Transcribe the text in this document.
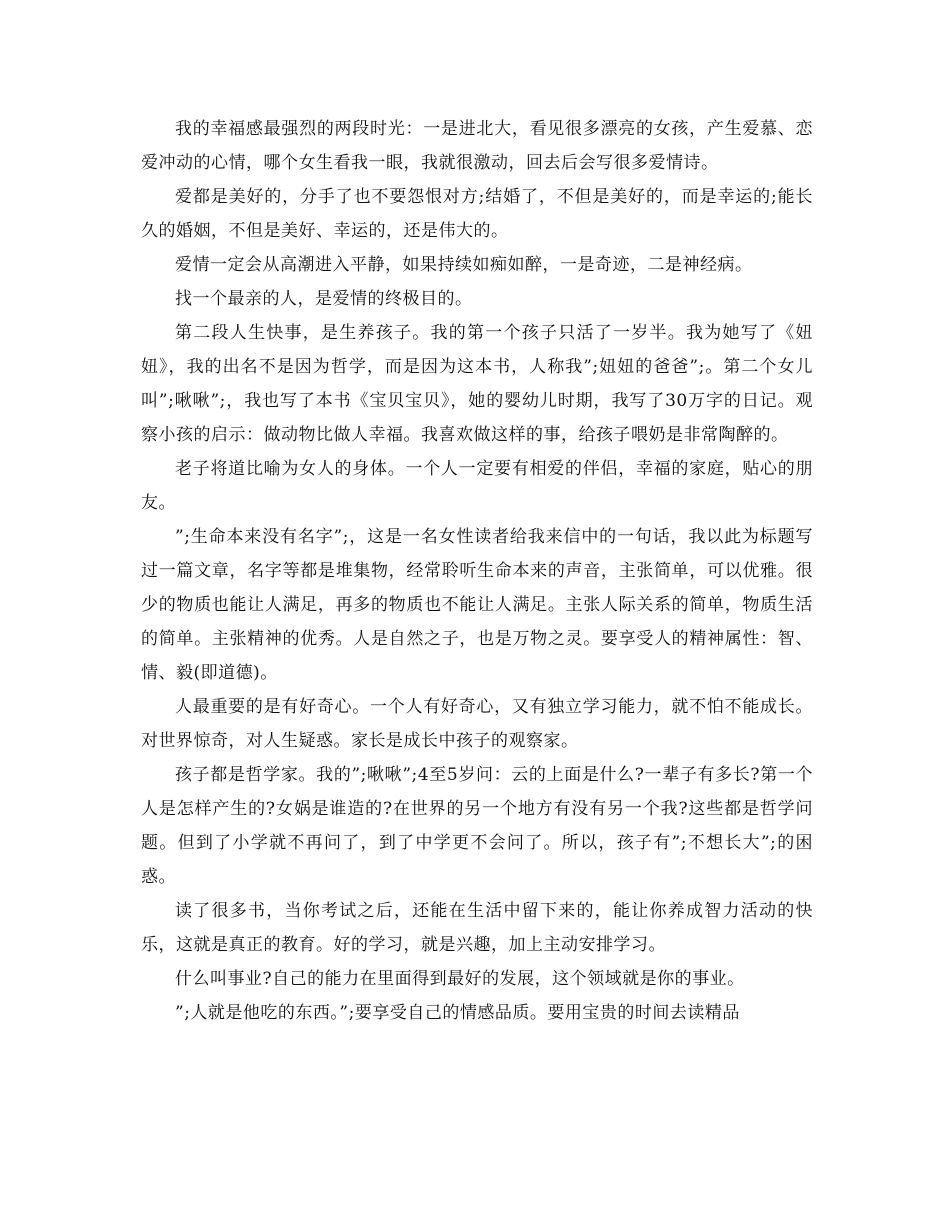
我的幸福感最强烈的两段时光：一是进北大，看见很多漂亮的女孩，产生爱慕、恋爱冲动的心情，哪个女生看我一眼，我就很激动，回去后会写很多爱情诗。

爱都是美好的，分手了也不要怨恨对方;结婚了，不但是美好的，而是幸运的;能长久的婚姻，不但是美好、幸运的，还是伟大的。

爱情一定会从高潮进入平静，如果持续如痴如醉，一是奇迹，二是神经病。

找一个最亲的人，是爱情的终极目的。

第二段人生快事，是生养孩子。我的第一个孩子只活了一岁半。我为她写了《妞妞》，我的出名不是因为哲学，而是因为这本书，人称我”;妞妞的爸爸”;。第二个女儿叫”;啾啾”;，我也写了本书《宝贝宝贝》，她的婴幼儿时期，我写了30万字的日记。观察小孩的启示：做动物比做人幸福。我喜欢做这样的事，给孩子喂奶是非常陶醉的。

老子将道比喻为女人的身体。一个人一定要有相爱的伴侣，幸福的家庭，贴心的朋友。

”;生命本来没有名字”;，这是一名女性读者给我来信中的一句话，我以此为标题写过一篇文章，名字等都是堆集物，经常聆听生命本来的声音，主张简单，可以优雅。很少的物质也能让人满足，再多的物质也不能让人满足。主张人际关系的简单，物质生活的简单。主张精神的优秀。人是自然之子，也是万物之灵。要享受人的精神属性：智、情、毅(即道德)。

人最重要的是有好奇心。一个人有好奇心，又有独立学习能力，就不怕不能成长。对世界惊奇，对人生疑惑。家长是成长中孩子的观察家。

孩子都是哲学家。我的”;啾啾”;4至5岁问：云的上面是什么?一辈子有多长?第一个人是怎样产生的?女娲是谁造的?在世界的另一个地方有没有另一个我?这些都是哲学问题。但到了小学就不再问了，到了中学更不会问了。所以，孩子有”;不想长大”;的困惑。

读了很多书，当你考试之后，还能在生活中留下来的，能让你养成智力活动的快乐，这就是真正的教育。好的学习，就是兴趣，加上主动安排学习。

什么叫事业?自己的能力在里面得到最好的发展，这个领域就是你的事业。

”;人就是他吃的东西。”;要享受自己的情感品质。要用宝贵的时间去读精品
